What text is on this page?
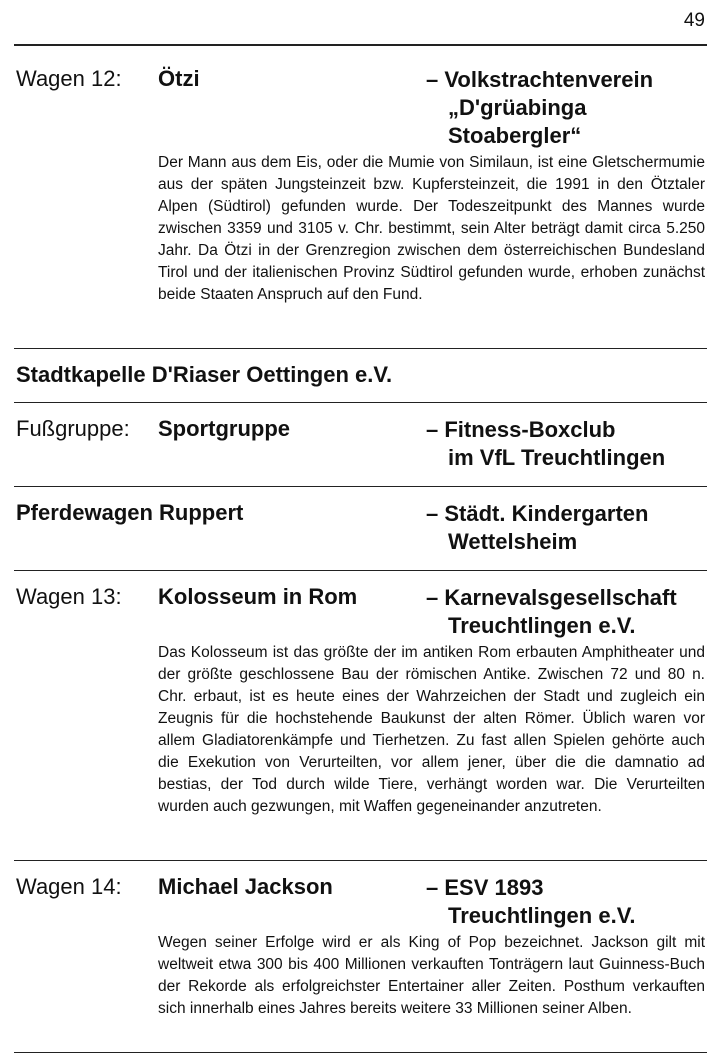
49
Wagen 12: Ötzi	– Volkstrachtenverein
„D'grüabinga
Stoabergler“
Der Mann aus dem Eis, oder die Mumie von Similaun, ist eine Gletschermumie aus der späten Jungsteinzeit bzw. Kupfersteinzeit, die 1991 in den Ötztaler Alpen (Südtirol) gefunden wurde. Der Todeszeitpunkt des Mannes wurde zwischen 3359 und 3105 v. Chr. bestimmt, sein Alter beträgt damit circa 5.250 Jahr. Da Ötzi in der Grenzregion zwischen dem österreichischen Bundesland Tirol und der italienischen Provinz Südtirol gefunden wurde, erhoben zunächst beide Staaten Anspruch auf den Fund.
Stadtkapelle D'Riaser Oettingen e.V.
Fußgruppe: Sportgruppe	– Fitness-Boxclub
im VfL Treuchtlingen
Pferdewagen Ruppert	– Städt. Kindergarten
Wettelsheim
Wagen 13: Kolosseum in Rom	– Karnevalsgesellschaft
Treuchtlingen e.V.
Das Kolosseum ist das größte der im antiken Rom erbauten Amphitheater und der größte geschlossene Bau der römischen Antike. Zwischen 72 und 80 n. Chr. erbaut, ist es heute eines der Wahrzeichen der Stadt und zugleich ein Zeugnis für die hochstehende Baukunst der alten Römer. Üblich waren vor allem Gladiatorenkämpfe und Tierhetzen. Zu fast allen Spielen gehörte auch die Exekution von Verurteilten, vor allem jener, über die die damnatio ad bestias, der Tod durch wilde Tiere, verhängt worden war. Die Verurteilten wurden auch gezwungen, mit Waffen gegeneinander anzutreten.
Wagen 14: Michael Jackson	– ESV 1893
Treuchtlingen e.V.
Wegen seiner Erfolge wird er als King of Pop bezeichnet. Jackson gilt mit weltweit etwa 300 bis 400 Millionen verkauften Tonträgern laut Guinness-Buch der Rekorde als erfolgreichster Entertainer aller Zeiten. Posthum verkauften sich innerhalb eines Jahres bereits weitere 33 Millionen seiner Alben.
